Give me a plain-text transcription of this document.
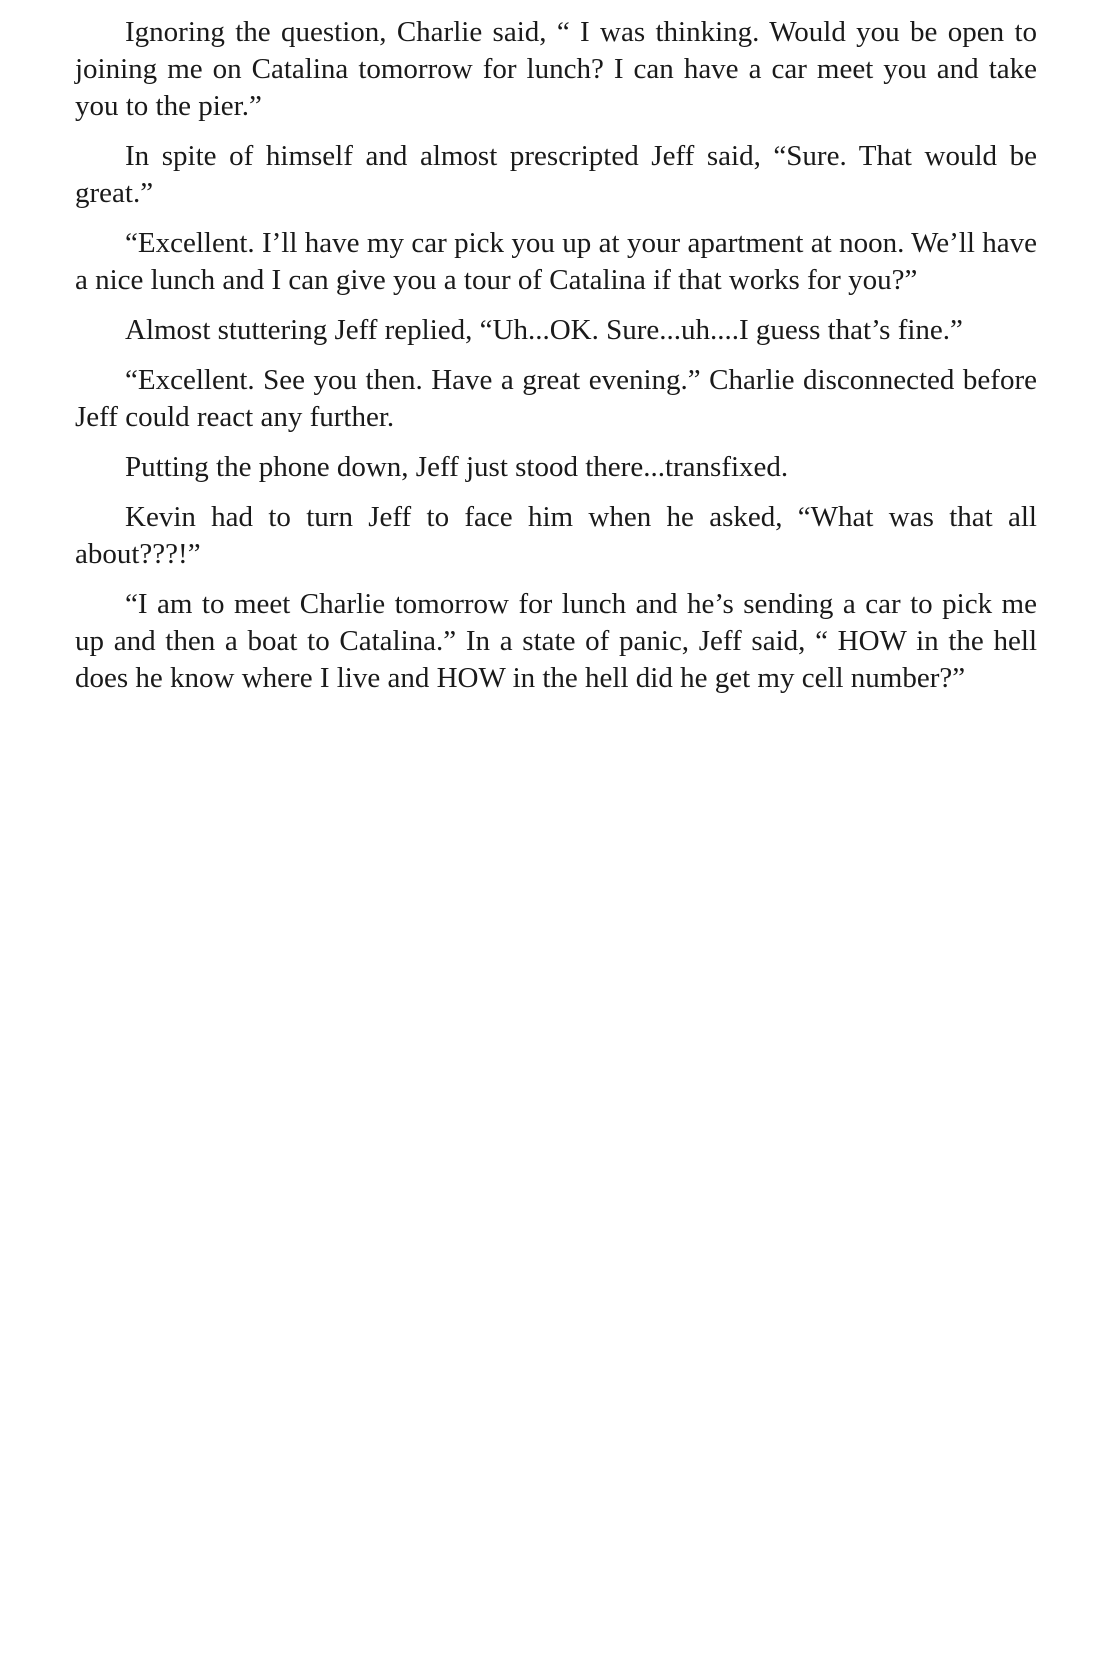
Ignoring the question, Charlie said, “ I was thinking. Would you be open to joining me on Catalina tomorrow for lunch? I can have a car meet you and take you to the pier.”

In spite of himself and almost prescripted Jeff said, “Sure. That would be great.”

“Excellent. I’ll have my car pick you up at your apartment at noon. We’ll have a nice lunch and I can give you a tour of Catalina if that works for you?”

Almost stuttering Jeff replied, “Uh...OK. Sure...uh....I guess that’s fine.”

“Excellent. See you then. Have a great evening.” Charlie disconnected before Jeff could react any further.

Putting the phone down, Jeff just stood there...transfixed.

Kevin had to turn Jeff to face him when he asked, “What was that all about???!”

“I am to meet Charlie tomorrow for lunch and he’s sending a car to pick me up and then a boat to Catalina.” In a state of panic, Jeff said, “ HOW in the hell does he know where I live and HOW in the hell did he get my cell number?”
